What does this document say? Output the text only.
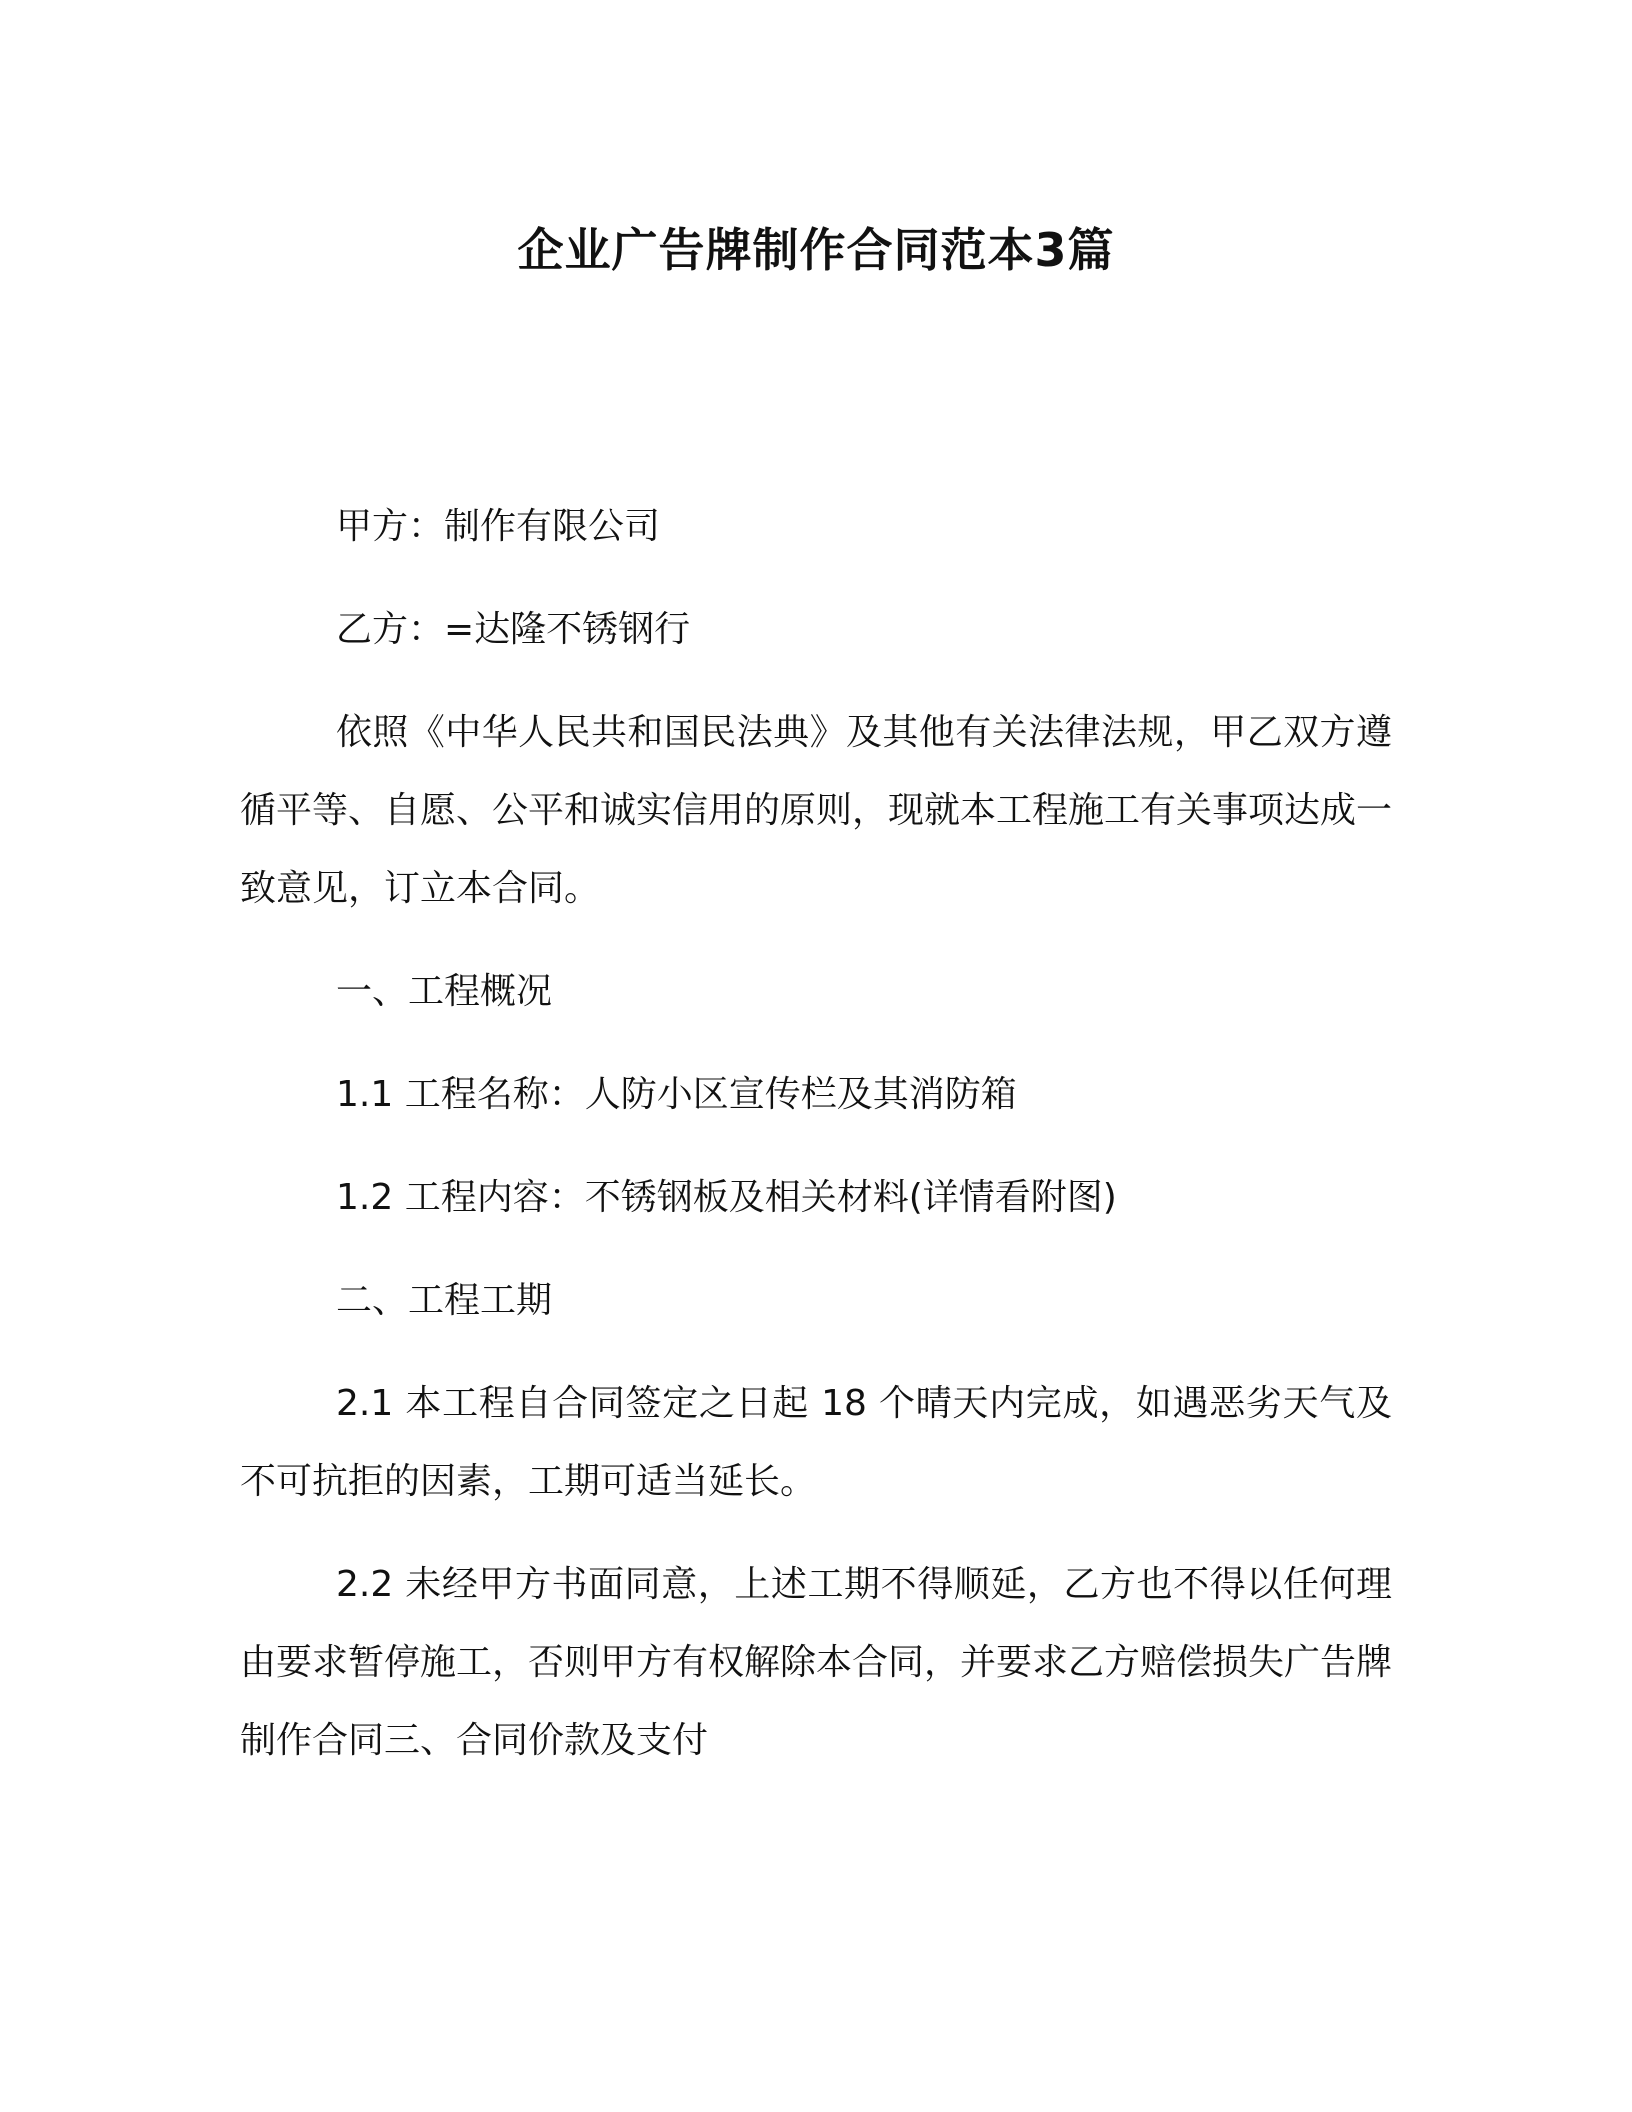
企业广告牌制作合同范本3篇

甲方：制作有限公司

乙方：=达隆不锈钢行

依照《中华人民共和国民法典》及其他有关法律法规，甲乙双方遵循平等、自愿、公平和诚实信用的原则，现就本工程施工有关事项达成一致意见，订立本合同。

一、工程概况

1.1 工程名称：人防小区宣传栏及其消防箱

1.2 工程内容：不锈钢板及相关材料(详情看附图)

二、工程工期

2.1 本工程自合同签定之日起 18 个晴天内完成，如遇恶劣天气及不可抗拒的因素，工期可适当延长。

2.2 未经甲方书面同意，上述工期不得顺延，乙方也不得以任何理由要求暂停施工，否则甲方有权解除本合同，并要求乙方赔偿损失广告牌制作合同三、合同价款及支付
